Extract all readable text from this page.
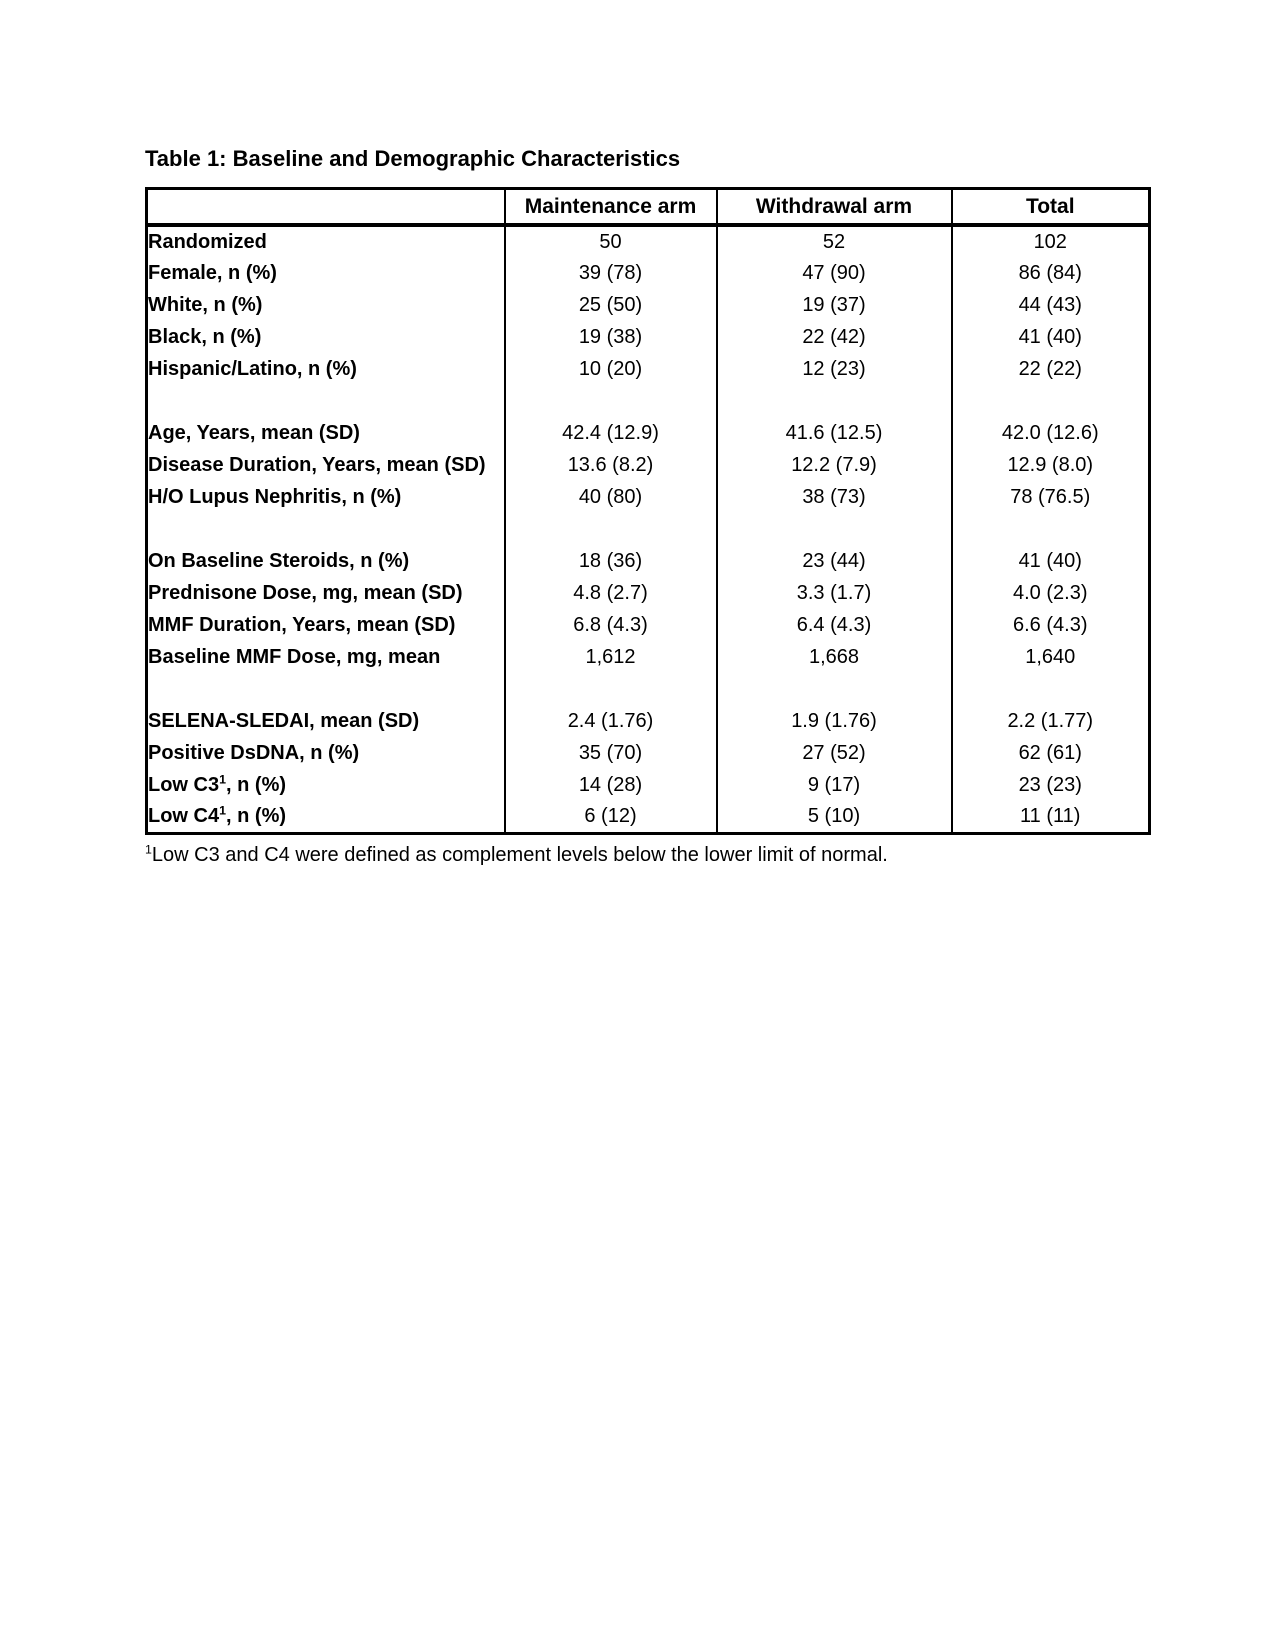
Table 1: Baseline and Demographic Characteristics
	Maintenance arm	Withdrawal arm	Total
Randomized	50	52	102
Female, n (%)	39 (78)	47 (90)	86 (84)
White, n (%)	25 (50)	19 (37)	44 (43)
Black, n (%)	19 (38)	22 (42)	41 (40)
Hispanic/Latino, n (%)	10 (20)	12 (23)	22 (22)

Age, Years, mean (SD)	42.4 (12.9)	41.6 (12.5)	42.0 (12.6)
Disease Duration, Years, mean (SD)	13.6 (8.2)	12.2 (7.9)	12.9 (8.0)
H/O Lupus Nephritis, n (%)	40 (80)	38 (73)	78 (76.5)

On Baseline Steroids, n (%)	18 (36)	23 (44)	41 (40)
Prednisone Dose, mg, mean (SD)	4.8 (2.7)	3.3 (1.7)	4.0 (2.3)
MMF Duration, Years, mean (SD)	6.8 (4.3)	6.4 (4.3)	6.6 (4.3)
Baseline MMF Dose, mg, mean	1,612	1,668	1,640

SELENA-SLEDAI, mean (SD)	2.4 (1.76)	1.9 (1.76)	2.2 (1.77)
Positive DsDNA, n (%)	35 (70)	27 (52)	62 (61)
Low $C3^1$, n (%)	14 (28)	9 (17)	23 (23)
Low $C4^1$, n (%)	6 (12)	5 (10)	11 (11)

$^1$Low C3 and C4 were defined as complement levels below the lower limit of normal.
